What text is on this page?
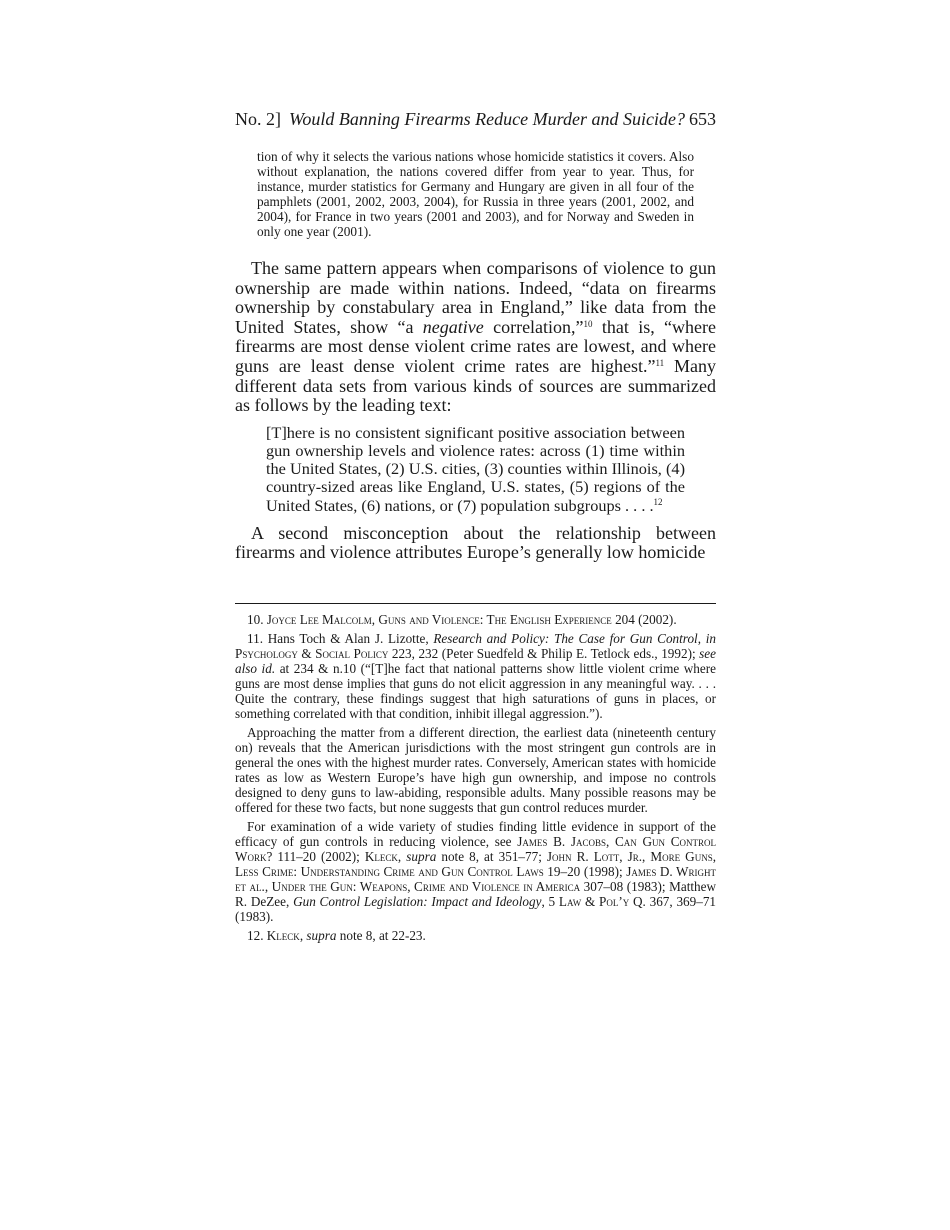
No. 2] Would Banning Firearms Reduce Murder and Suicide? 653

tion of why it selects the various nations whose homicide statistics it covers. Also without explanation, the nations covered differ from year to year. Thus, for instance, murder statistics for Germany and Hungary are given in all four of the pamphlets (2001, 2002, 2003, 2004), for Russia in three years (2001, 2002, and 2004), for France in two years (2001 and 2003), and for Norway and Sweden in only one year (2001).

The same pattern appears when comparisons of violence to gun ownership are made within nations. Indeed, “data on firearms ownership by constabulary area in England,” like data from the United States, show “a negative correlation,”$^{10}$ that is, “where firearms are most dense violent crime rates are lowest, and where guns are least dense violent crime rates are highest.”$^{11}$ Many different data sets from various kinds of sources are summarized as follows by the leading text:

[T]here is no consistent significant positive association between gun ownership levels and violence rates: across (1) time within the United States, (2) U.S. cities, (3) counties within Illinois, (4) country-sized areas like England, U.S. states, (5) regions of the United States, (6) nations, or (7) population subgroups . . . .$^{12}$

A second misconception about the relationship between firearms and violence attributes Europe’s generally low homicide

10. Joyce Lee Malcolm, Guns and Violence: The English Experience 204 (2002).

11. Hans Toch & Alan J. Lizotte, Research and Policy: The Case for Gun Control, in Psychology & Social Policy 223, 232 (Peter Suedfeld & Philip E. Tetlock eds., 1992); see also id. at 234 & n.10 (“[T]he fact that national patterns show little violent crime where guns are most dense implies that guns do not elicit aggression in any meaningful way. . . . Quite the contrary, these findings suggest that high saturations of guns in places, or something correlated with that condition, inhibit illegal aggression.”).

Approaching the matter from a different direction, the earliest data (nineteenth century on) reveals that the American jurisdictions with the most stringent gun controls are in general the ones with the highest murder rates. Conversely, American states with homicide rates as low as Western Europe’s have high gun ownership, and impose no controls designed to deny guns to law-abiding, responsible adults. Many possible reasons may be offered for these two facts, but none suggests that gun control reduces murder.

For examination of a wide variety of studies finding little evidence in support of the efficacy of gun controls in reducing violence, see James B. Jacobs, Can Gun Control Work? 111–20 (2002); Kleck, supra note 8, at 351–77; John R. Lott, Jr., More Guns, Less Crime: Understanding Crime and Gun Control Laws 19–20 (1998); James D. Wright et al., Under the Gun: Weapons, Crime and Violence in America 307–08 (1983); Matthew R. DeZee, Gun Control Legislation: Impact and Ideology, 5 Law & Pol’y Q. 367, 369–71 (1983).

12. Kleck, supra note 8, at 22-23.
